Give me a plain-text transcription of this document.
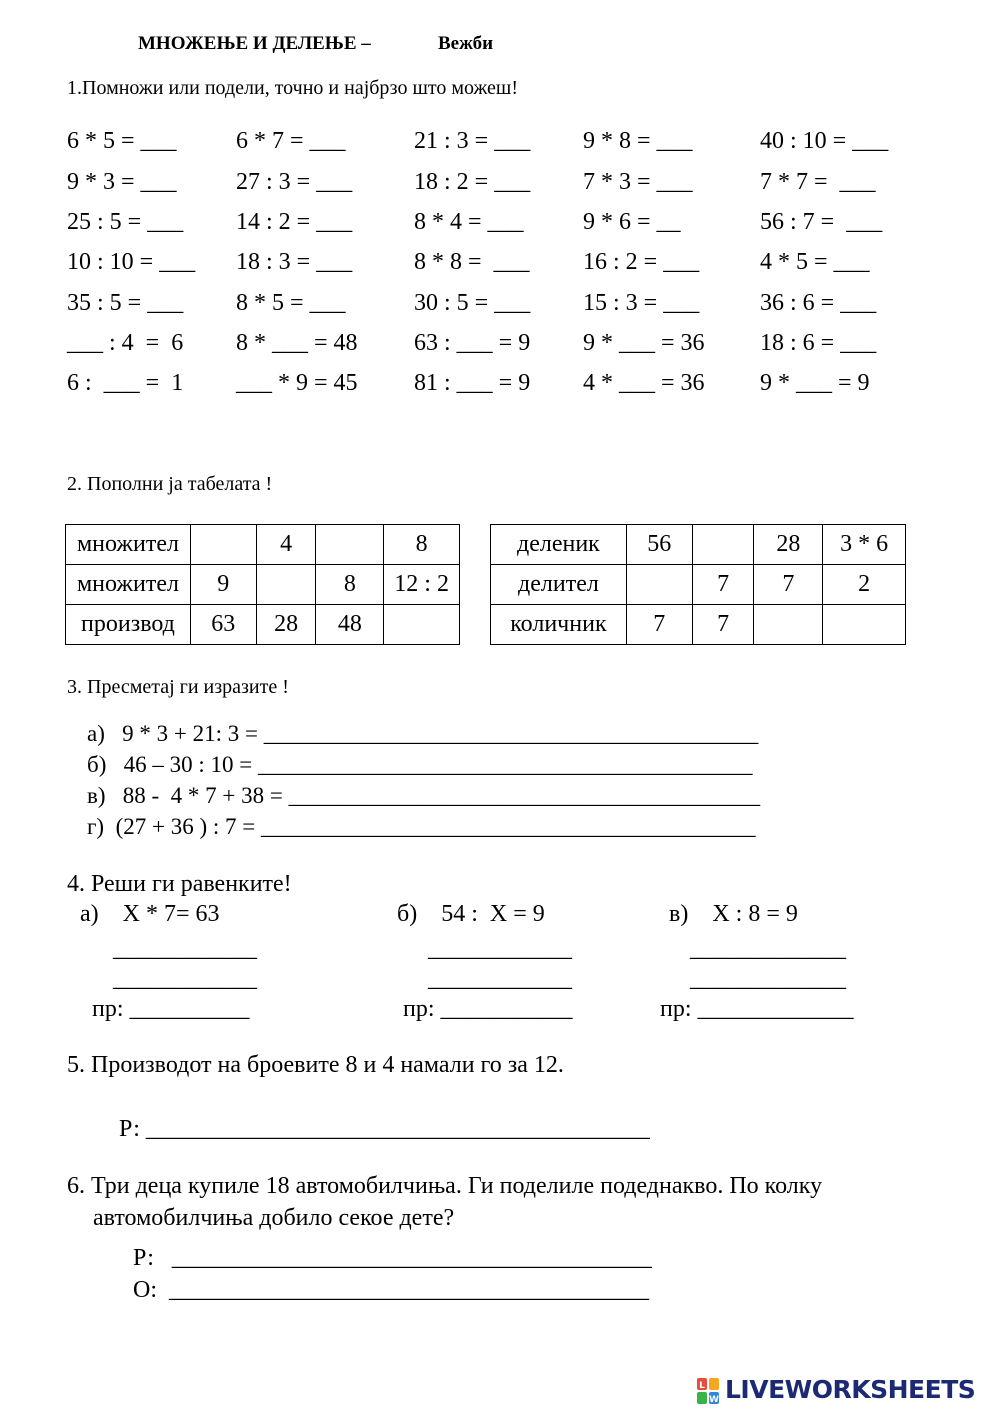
МНОЖЕЊЕ И ДЕЛЕЊЕ –	Вежби
1.Помножи или подели, точно и најбрзо што можеш!
6 * 5 = ___ 6 * 7 = ___	21 : 3 = ___ 9 * 8 = ___	40 : 10 = ___
9 * 3 = ___ 27 : 3 = ___	18 : 2 = ___ 7 * 3 = ___	7 * 7 =  ___
25 : 5 = ___ 14 : 2 = ___	8 * 4 = ___ 9 * 6 = __	56 : 7 =  ___
10 : 10 = ___ 18 : 3 = ___	8 * 8 =  ___ 16 : 2 = ___	4 * 5 = ___
35 : 5 = ___ 8 * 5 = ___	30 : 5 = ___ 15 : 3 = ___	36 : 6 = ___
___ : 4  =  6 8 * ___ = 48 63 : ___ = 9 9 * ___ = 36 18 : 6 = ___
6 :  ___ =  1 ___ * 9 = 45 81 : ___ = 9 4 * ___ = 36 9 * ___ = 9
2. Пополни ја табелата !
множител		4		8
множител	9		8	12 : 2
производ	63	28	48	
деленик	56		28	3 * 6
делител		7	7	2
количник	7	7		
3. Пресметај ги изразите !
а)   9 * 3 + 21: 3 = ___________________________________________
б)   46 – 30 : 10 = ___________________________________________
в)   88 -  4 * 7 + 38 = _________________________________________
г)  (27 + 36 ) : 7 = ___________________________________________
4. Реши ги равенките!
а)    X * 7= 63	б)    54 :  X = 9	в)    X : 8 = 9
____________
____________
____________
____________
_____________
_____________
пр: __________	пр: ___________	пр: _____________
5. Производот на броевите 8 и 4 намали го за 12.
Р: __________________________________________
6. Три деца купиле 18 автомобилчиња. Ги поделиле подеднакво. По колку
автомобилчиња добило секое дете?
Р:   ________________________________________
О:  ________________________________________
L
W LIVEWORKSHEETS
